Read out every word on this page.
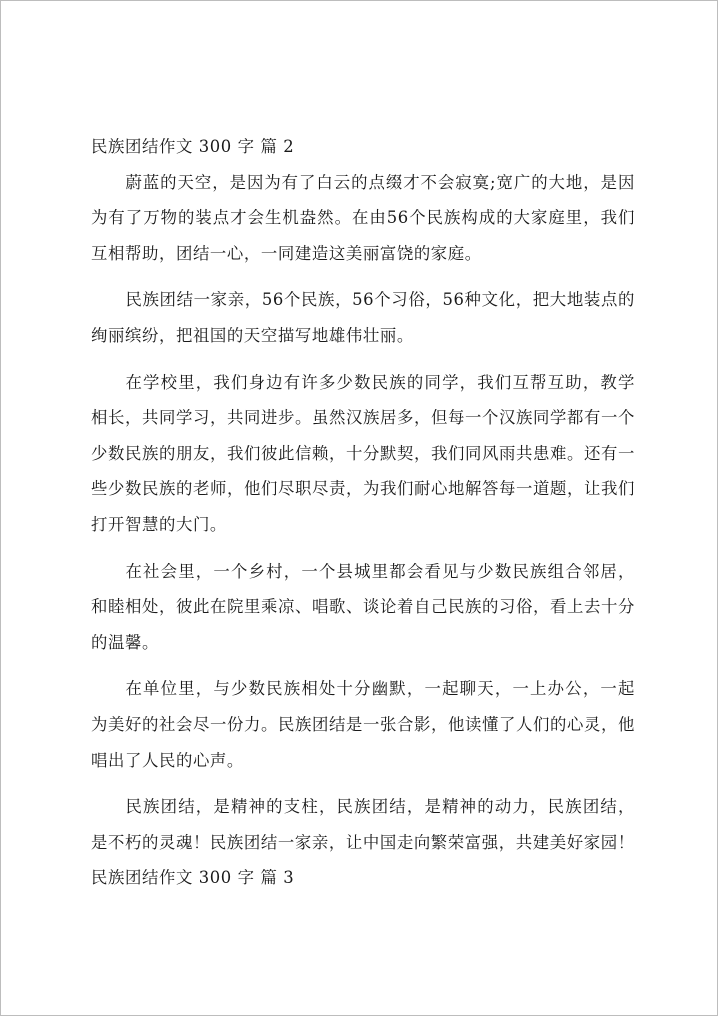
民族团结作文 300 字 篇 2

蔚蓝的天空，是因为有了白云的点缀才不会寂寞;宽广的大地，是因为有了万物的装点才会生机盎然。在由56个民族构成的大家庭里，我们互相帮助，团结一心，一同建造这美丽富饶的家庭。

民族团结一家亲，56个民族，56个习俗，56种文化，把大地装点的绚丽缤纷，把祖国的天空描写地雄伟壮丽。

在学校里，我们身边有许多少数民族的同学，我们互帮互助，教学相长，共同学习，共同进步。虽然汉族居多，但每一个汉族同学都有一个少数民族的朋友，我们彼此信赖，十分默契，我们同风雨共患难。还有一些少数民族的老师，他们尽职尽责，为我们耐心地解答每一道题，让我们打开智慧的大门。

在社会里，一个乡村，一个县城里都会看见与少数民族组合邻居，和睦相处，彼此在院里乘凉、唱歌、谈论着自己民族的习俗，看上去十分的温馨。

在单位里，与少数民族相处十分幽默，一起聊天，一上办公，一起为美好的社会尽一份力。民族团结是一张合影，他读懂了人们的心灵，他唱出了人民的心声。

民族团结，是精神的支柱，民族团结，是精神的动力，民族团结，是不朽的灵魂！民族团结一家亲，让中国走向繁荣富强，共建美好家园！

民族团结作文 300 字 篇 3
